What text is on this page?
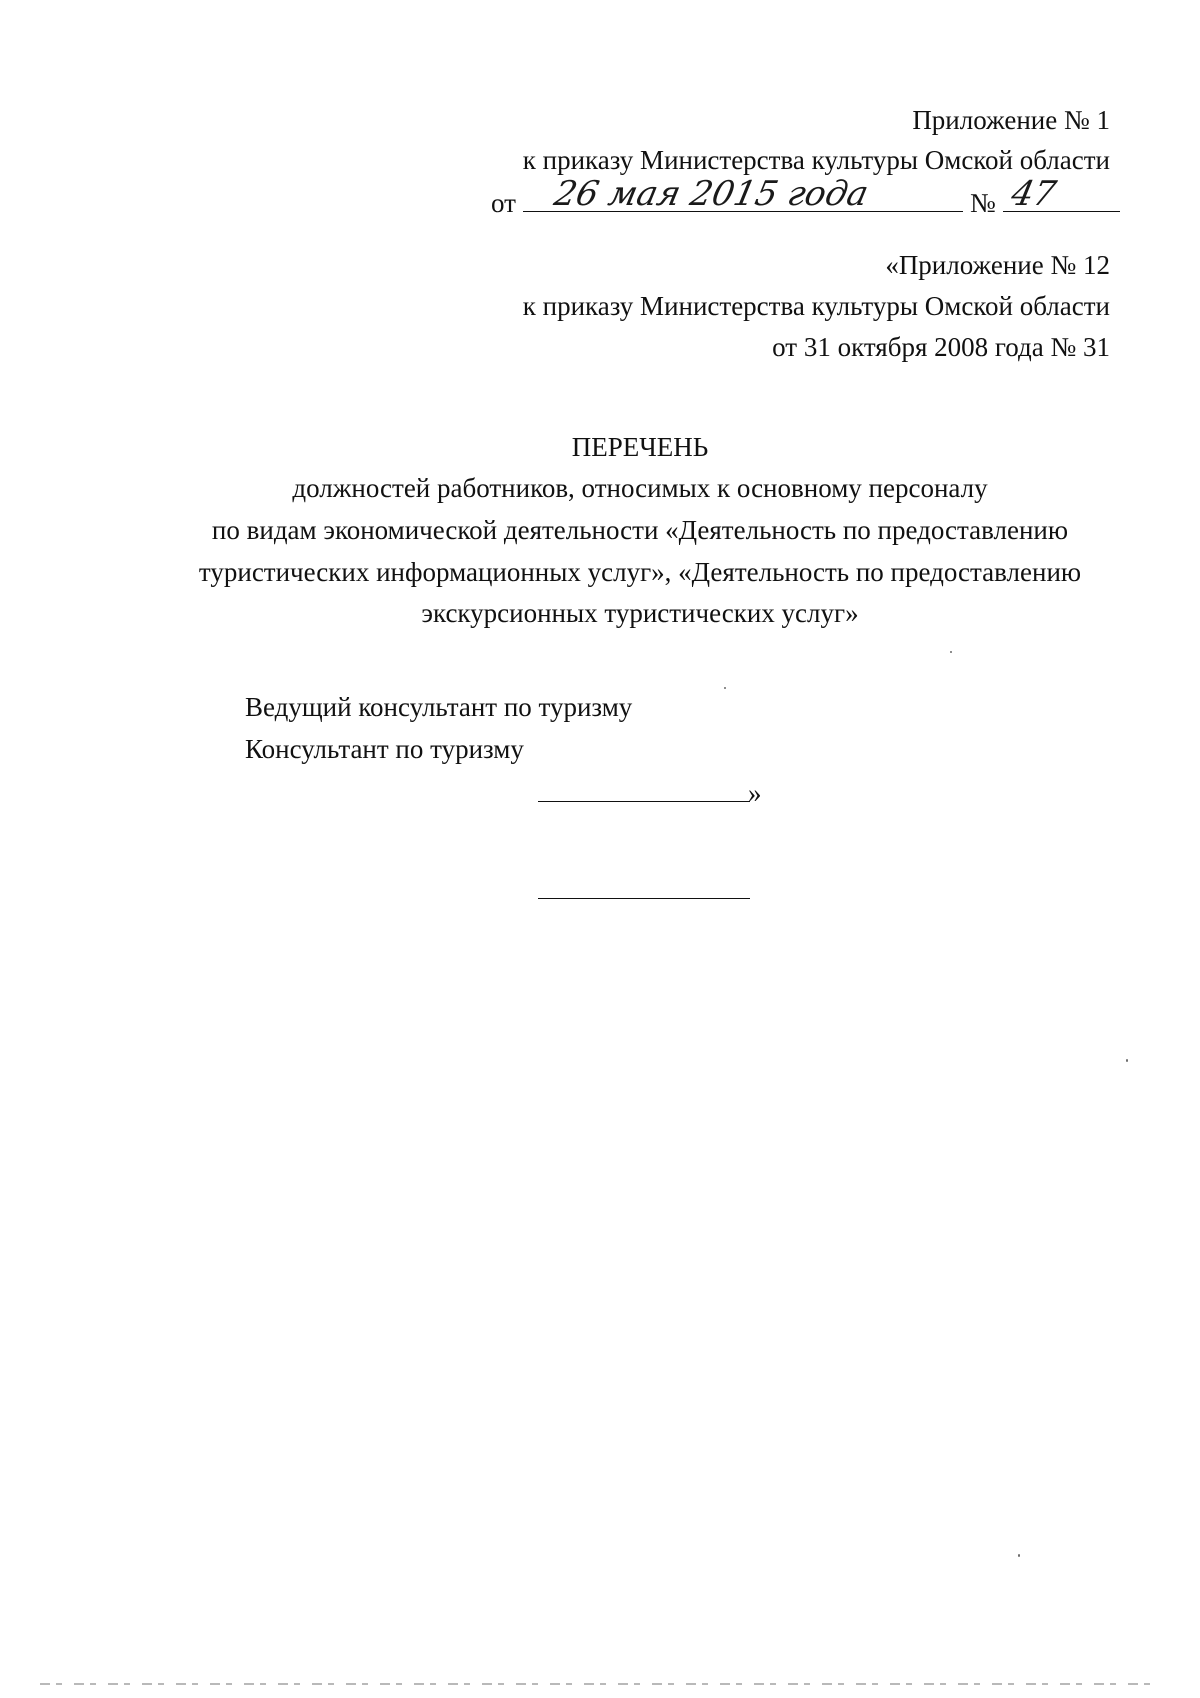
Приложение № 1
к приказу Министерства культуры Омской области
от 26 мая 2015 года	№ 47
«Приложение № 12
к приказу Министерства культуры Омской области
от 31 октября 2008 года № 31
ПЕРЕЧЕНЬ
должностей работников, относимых к основному персоналу
по видам экономической деятельности «Деятельность по предоставлению
туристических информационных услуг», «Деятельность по предоставлению
экскурсионных туристических услуг»
Ведущий консультант по туризму
Консультант по туризму
»
